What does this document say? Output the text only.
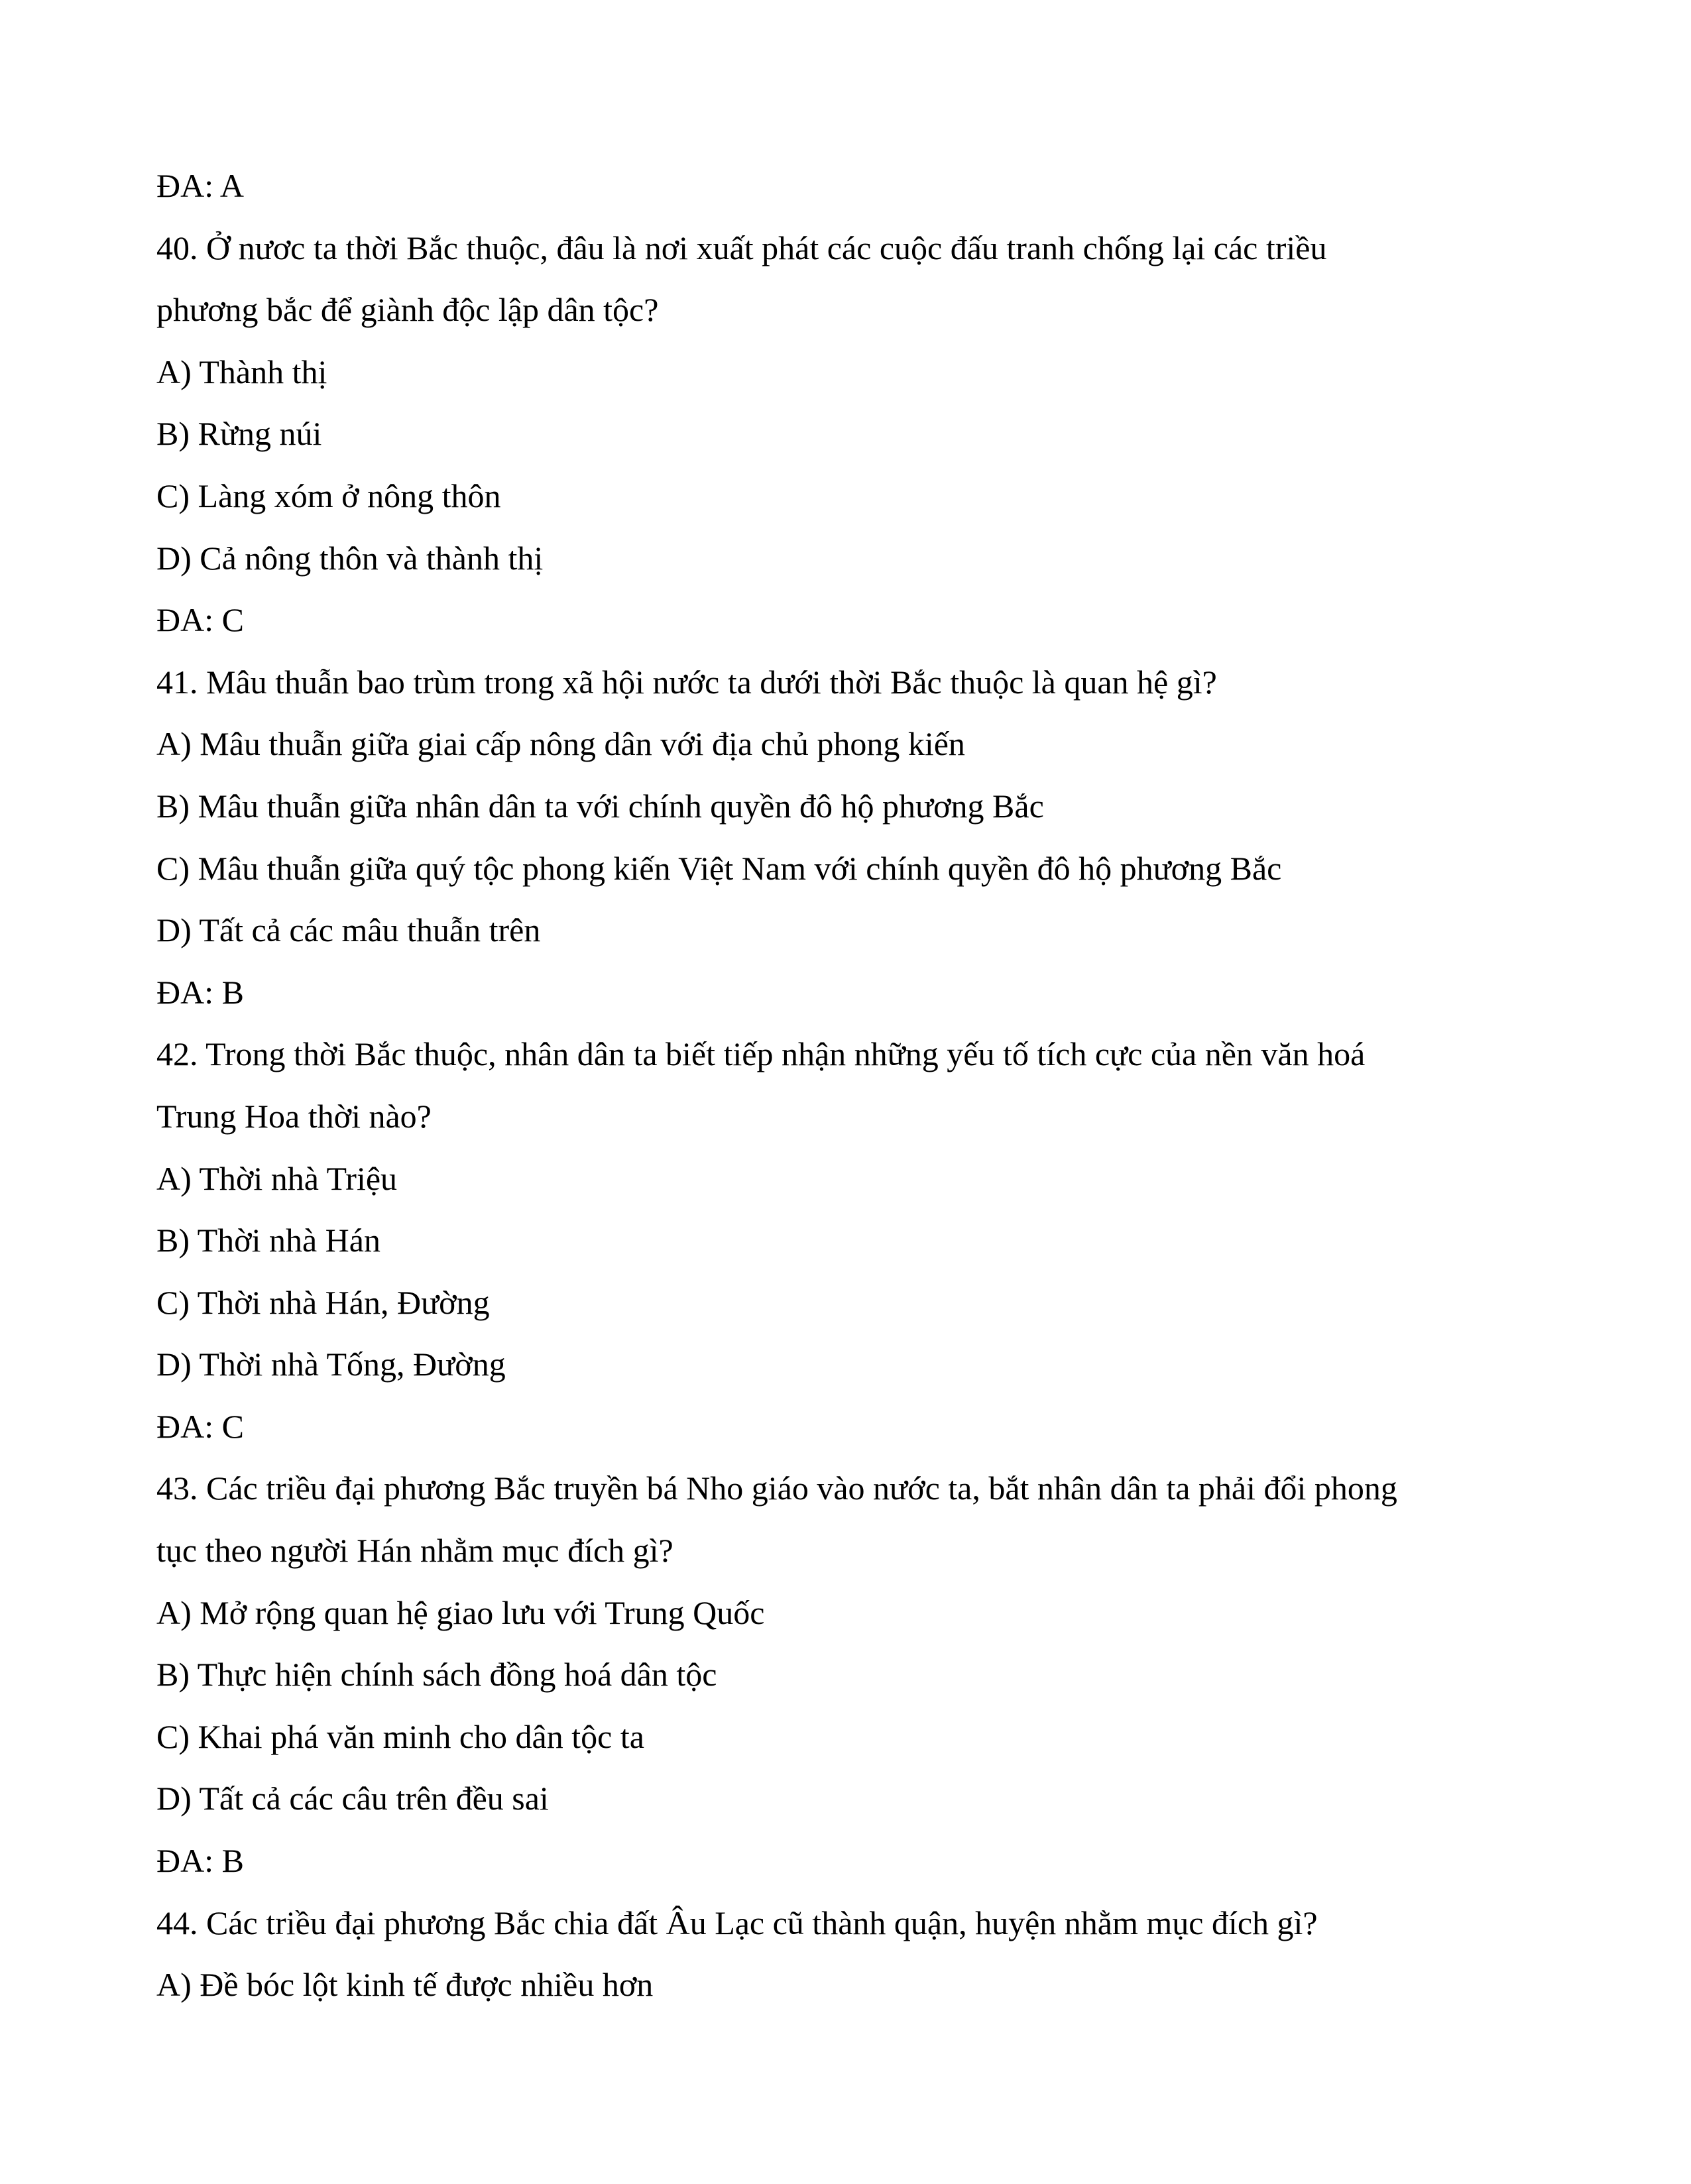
ĐA: A
40. Ở nươc ta thời Bắc thuộc, đâu là nơi xuất phát các cuộc đấu tranh chống lại các triều
phương bắc để giành độc lập dân tộc?
A) Thành thị
B) Rừng núi
C) Làng xóm ở nông thôn
D) Cả nông thôn và thành thị
ĐA: C
41. Mâu thuẫn bao trùm trong xã hội nước ta dưới thời Bắc thuộc là quan hệ gì?
A) Mâu thuẫn giữa giai cấp nông dân với địa chủ phong kiến
B) Mâu thuẫn giữa nhân dân ta với chính quyền đô hộ phương Bắc
C) Mâu thuẫn giữa quý tộc phong kiến Việt Nam với chính quyền đô hộ phương Bắc
D) Tất cả các mâu thuẫn trên
ĐA: B
42. Trong thời Bắc thuộc, nhân dân ta biết tiếp nhận những yếu tố tích cực của nền văn hoá
Trung Hoa thời nào?
A) Thời nhà Triệu
B) Thời nhà Hán
C) Thời nhà Hán, Đường
D) Thời nhà Tống, Đường
ĐA: C
43. Các triều đại phương Bắc truyền bá Nho giáo vào nước ta, bắt nhân dân ta phải đổi phong
tục theo người Hán nhằm mục đích gì?
A) Mở rộng quan hệ giao lưu với Trung Quốc
B) Thực hiện chính sách đồng hoá dân tộc
C) Khai phá văn minh cho dân tộc ta
D) Tất cả các câu trên đều sai
ĐA: B
44. Các triều đại phương Bắc chia đất Âu Lạc cũ thành quận, huyện nhằm mục đích gì?
A) Đề bóc lột kinh tế được nhiều hơn
